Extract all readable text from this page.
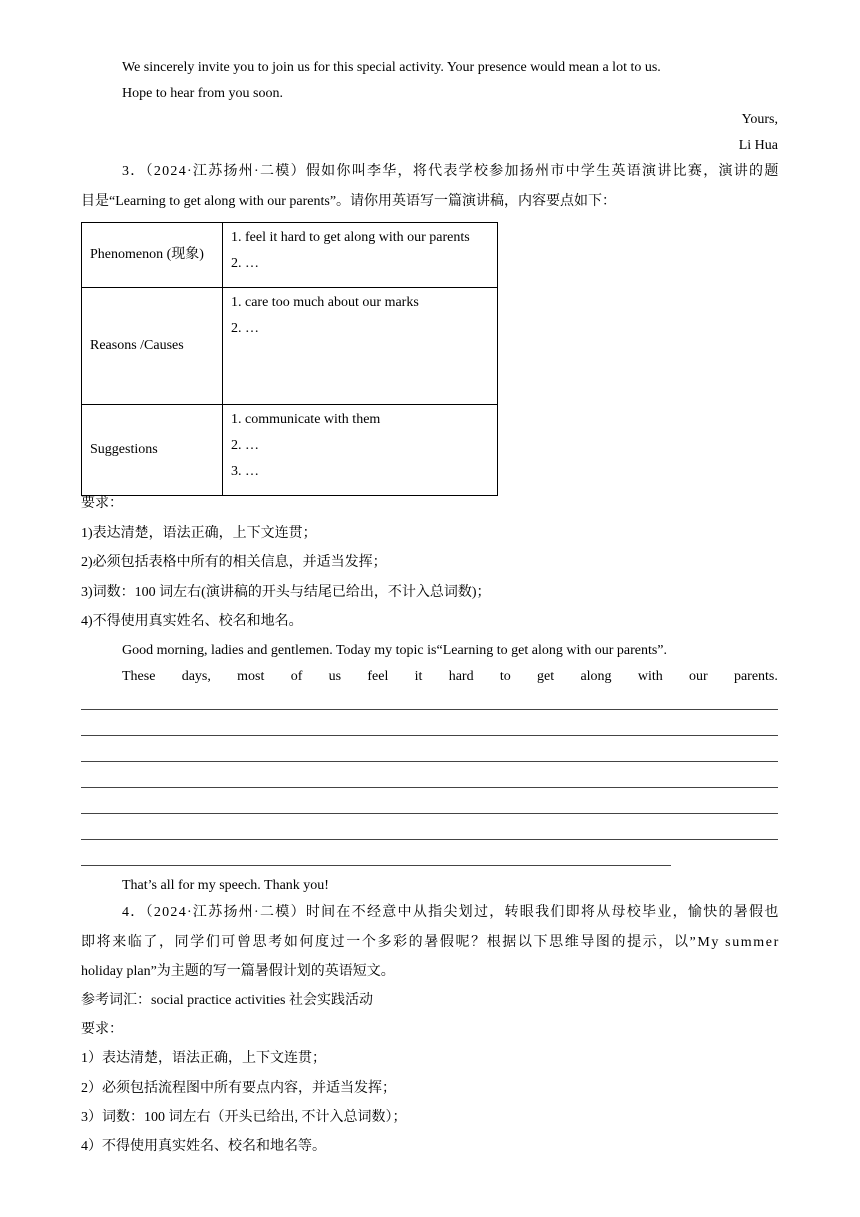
We sincerely invite you to join us for this special activity. Your presence would mean a lot to us.
Hope to hear from you soon.
Yours,
Li Hua
3．（2024·江苏扬州·二模）假如你叫李华，将代表学校参加扬州市中学生英语演讲比赛，演讲的题
目是“Learning to get along with our parents”。请你用英语写一篇演讲稿，内容要点如下：
Phenomenon (现象)	1. feel it hard to get along with our parents
2. …

Reasons /Causes	1. care too much about our marks
2. …

Suggestions	1. communicate with them
2. …
3. …
要求：
1)表达清楚，语法正确，上下文连贯；
2)必须包括表格中所有的相关信息，并适当发挥；
3)词数：100 词左右(演讲稿的开头与结尾已给出，不计入总词数)；
4)不得使用真实姓名、校名和地名。
Good morning, ladies and gentlemen. Today my topic is“Learning to get along with our parents”.
These days, most of us feel it hard to get along with our parents.
That’s all for my speech. Thank you!
4．（2024·江苏扬州·二模）时间在不经意中从指尖划过，转眼我们即将从母校毕业，愉快的暑假也
即将来临了，同学们可曾思考如何度过一个多彩的暑假呢？根据以下思维导图的提示，以”My summer
holiday plan”为主题的写一篇暑假计划的英语短文。
参考词汇：social practice activities 社会实践活动
要求：
1）表达清楚，语法正确，上下文连贯；
2）必须包括流程图中所有要点内容，并适当发挥；
3）词数：100 词左右（开头已给出, 不计入总词数）；
4）不得使用真实姓名、校名和地名等。
